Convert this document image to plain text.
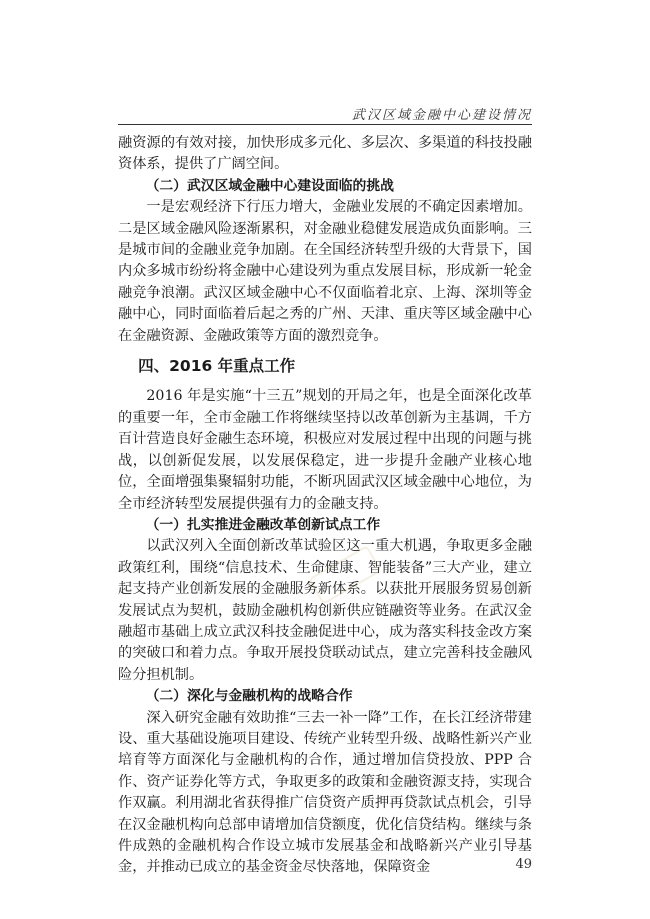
武汉区域金融中心建设情况

融资源的有效对接，加快形成多元化、多层次、多渠道的科技投融资体系，提供了广阔空间。

（二）武汉区域金融中心建设面临的挑战

一是宏观经济下行压力增大，金融业发展的不确定因素增加。二是区域金融风险逐渐累积，对金融业稳健发展造成负面影响。三是城市间的金融业竞争加剧。在全国经济转型升级的大背景下，国内众多城市纷纷将金融中心建设列为重点发展目标，形成新一轮金融竞争浪潮。武汉区域金融中心不仅面临着北京、上海、深圳等金融中心，同时面临着后起之秀的广州、天津、重庆等区域金融中心在金融资源、金融政策等方面的激烈竞争。

四、2016 年重点工作

2016 年是实施“十三五”规划的开局之年，也是全面深化改革的重要一年，全市金融工作将继续坚持以改革创新为主基调，千方百计营造良好金融生态环境，积极应对发展过程中出现的问题与挑战，以创新促发展，以发展保稳定，进一步提升金融产业核心地位，全面增强集聚辐射功能，不断巩固武汉区域金融中心地位，为全市经济转型发展提供强有力的金融支持。

（一）扎实推进金融改革创新试点工作

以武汉列入全面创新改革试验区这一重大机遇，争取更多金融政策红利，围绕“信息技术、生命健康、智能装备”三大产业，建立起支持产业创新发展的金融服务新体系。以获批开展服务贸易创新发展试点为契机，鼓励金融机构创新供应链融资等业务。在武汉金融超市基础上成立武汉科技金融促进中心，成为落实科技金改方案的突破口和着力点。争取开展投贷联动试点，建立完善科技金融风险分担机制。

（二）深化与金融机构的战略合作

深入研究金融有效助推“三去一补一降”工作，在长江经济带建设、重大基础设施项目建设、传统产业转型升级、战略性新兴产业培育等方面深化与金融机构的合作，通过增加信贷投放、PPP 合作、资产证券化等方式，争取更多的政策和金融资源支持，实现合作双赢。利用湖北省获得推广信贷资产质押再贷款试点机会，引导在汉金融机构向总部申请增加信贷额度，优化信贷结构。继续与条件成熟的金融机构合作设立城市发展基金和战略新兴产业引导基金，并推动已成立的基金资金尽快落地，保障资金	49
